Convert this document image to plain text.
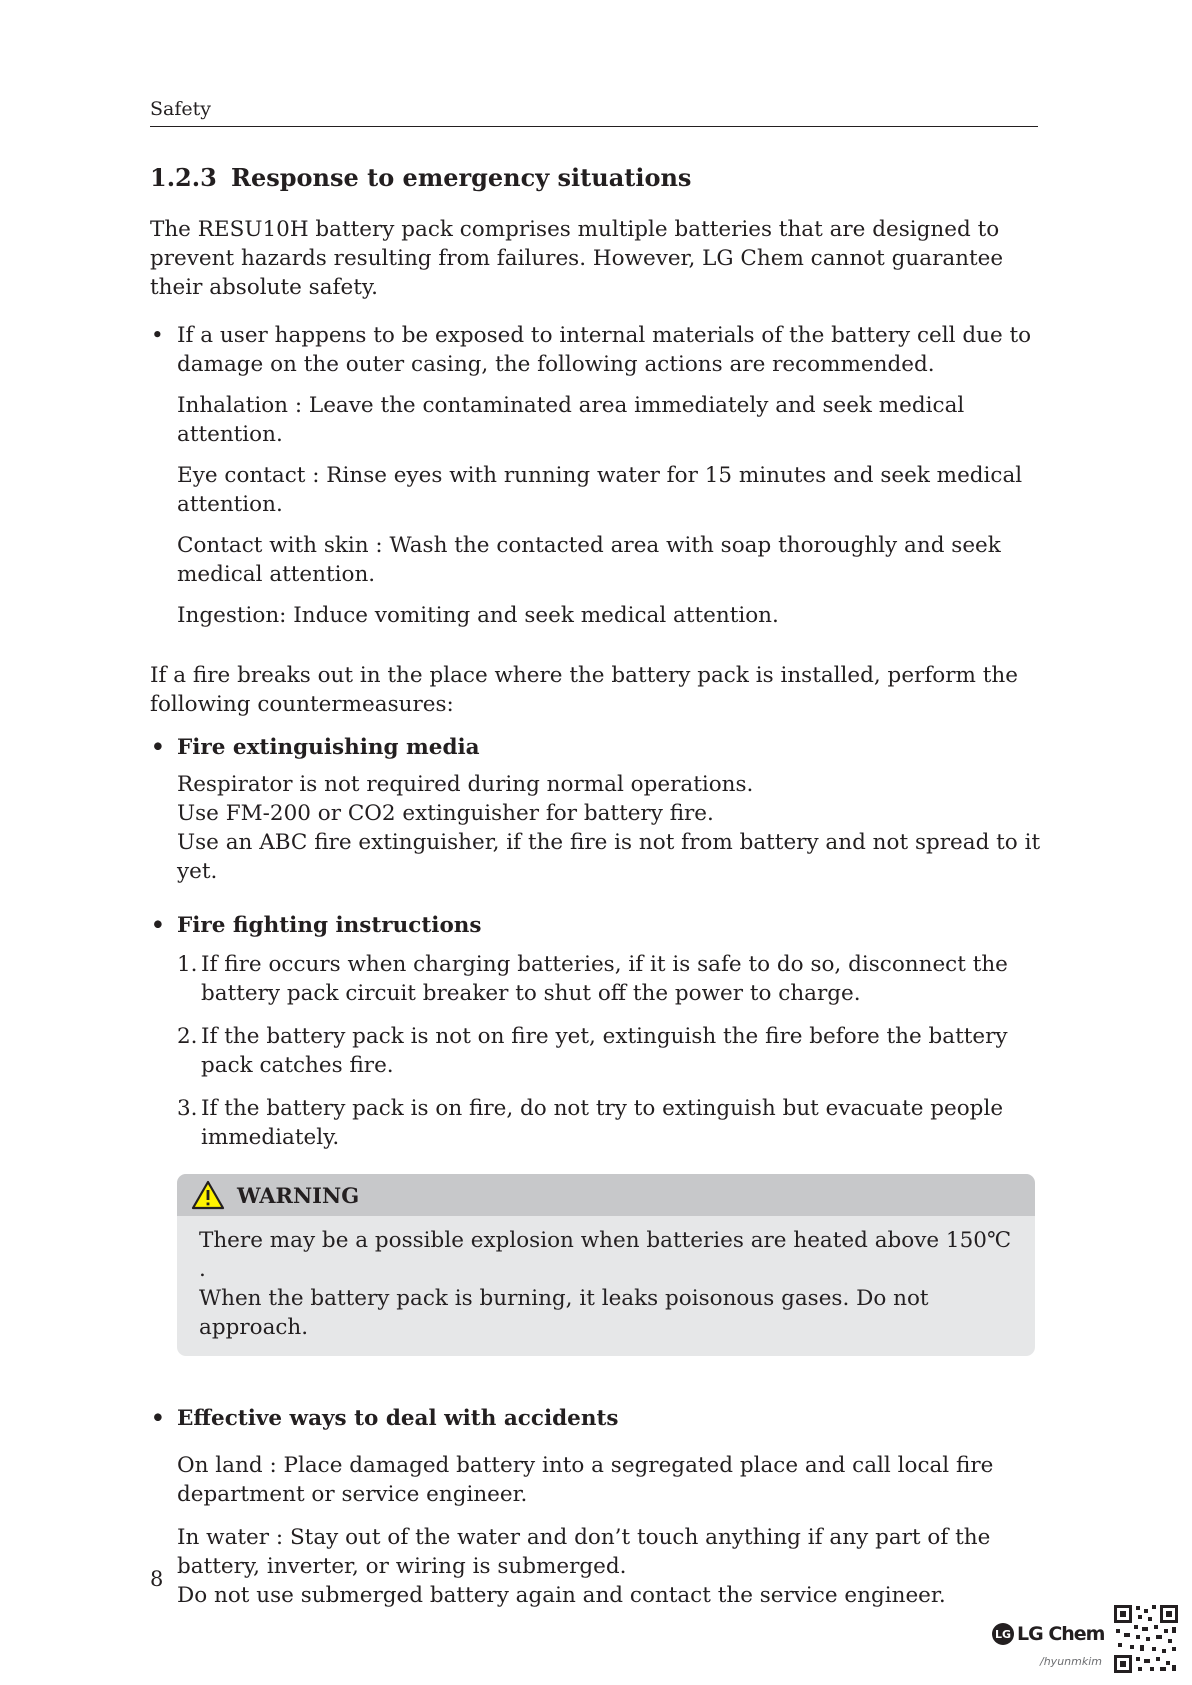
Safety
1.2.3 Response to emergency situations

The RESU10H battery pack comprises multiple batteries that are designed to prevent hazards resulting from failures. However, LG Chem cannot guarantee their absolute safety.

• If a user happens to be exposed to internal materials of the battery cell due to damage on the outer casing, the following actions are recommended.

Inhalation : Leave the contaminated area immediately and seek medical attention.

Eye contact : Rinse eyes with running water for 15 minutes and seek medical attention.

Contact with skin : Wash the contacted area with soap thoroughly and seek medical attention.

Ingestion: Induce vomiting and seek medical attention.

If a fire breaks out in the place where the battery pack is installed, perform the following countermeasures:

• Fire extinguishing media

Respirator is not required during normal operations.

Use FM-200 or CO2 extinguisher for battery fire.

Use an ABC fire extinguisher, if the fire is not from battery and not spread to it yet.

• Fire fighting instructions

1. If fire occurs when charging batteries, if it is safe to do so, disconnect the battery pack circuit breaker to shut off the power to charge.
2. If the battery pack is not on fire yet, extinguish the fire before the battery pack catches fire.
3. If the battery pack is on fire, do not try to extinguish but evacuate people immediately.
WARNING

There may be a possible explosion when batteries are heated above 150℃ .

When the battery pack is burning, it leaks poisonous gases. Do not approach.

• Effective ways to deal with accidents

On land : Place damaged battery into a segregated place and call local fire department or service engineer.

In water : Stay out of the water and don’t touch anything if any part of the battery, inverter, or wiring is submerged.

Do not use submerged battery again and contact the service engineer.

8
LG LG Chem
/hyunmkim
